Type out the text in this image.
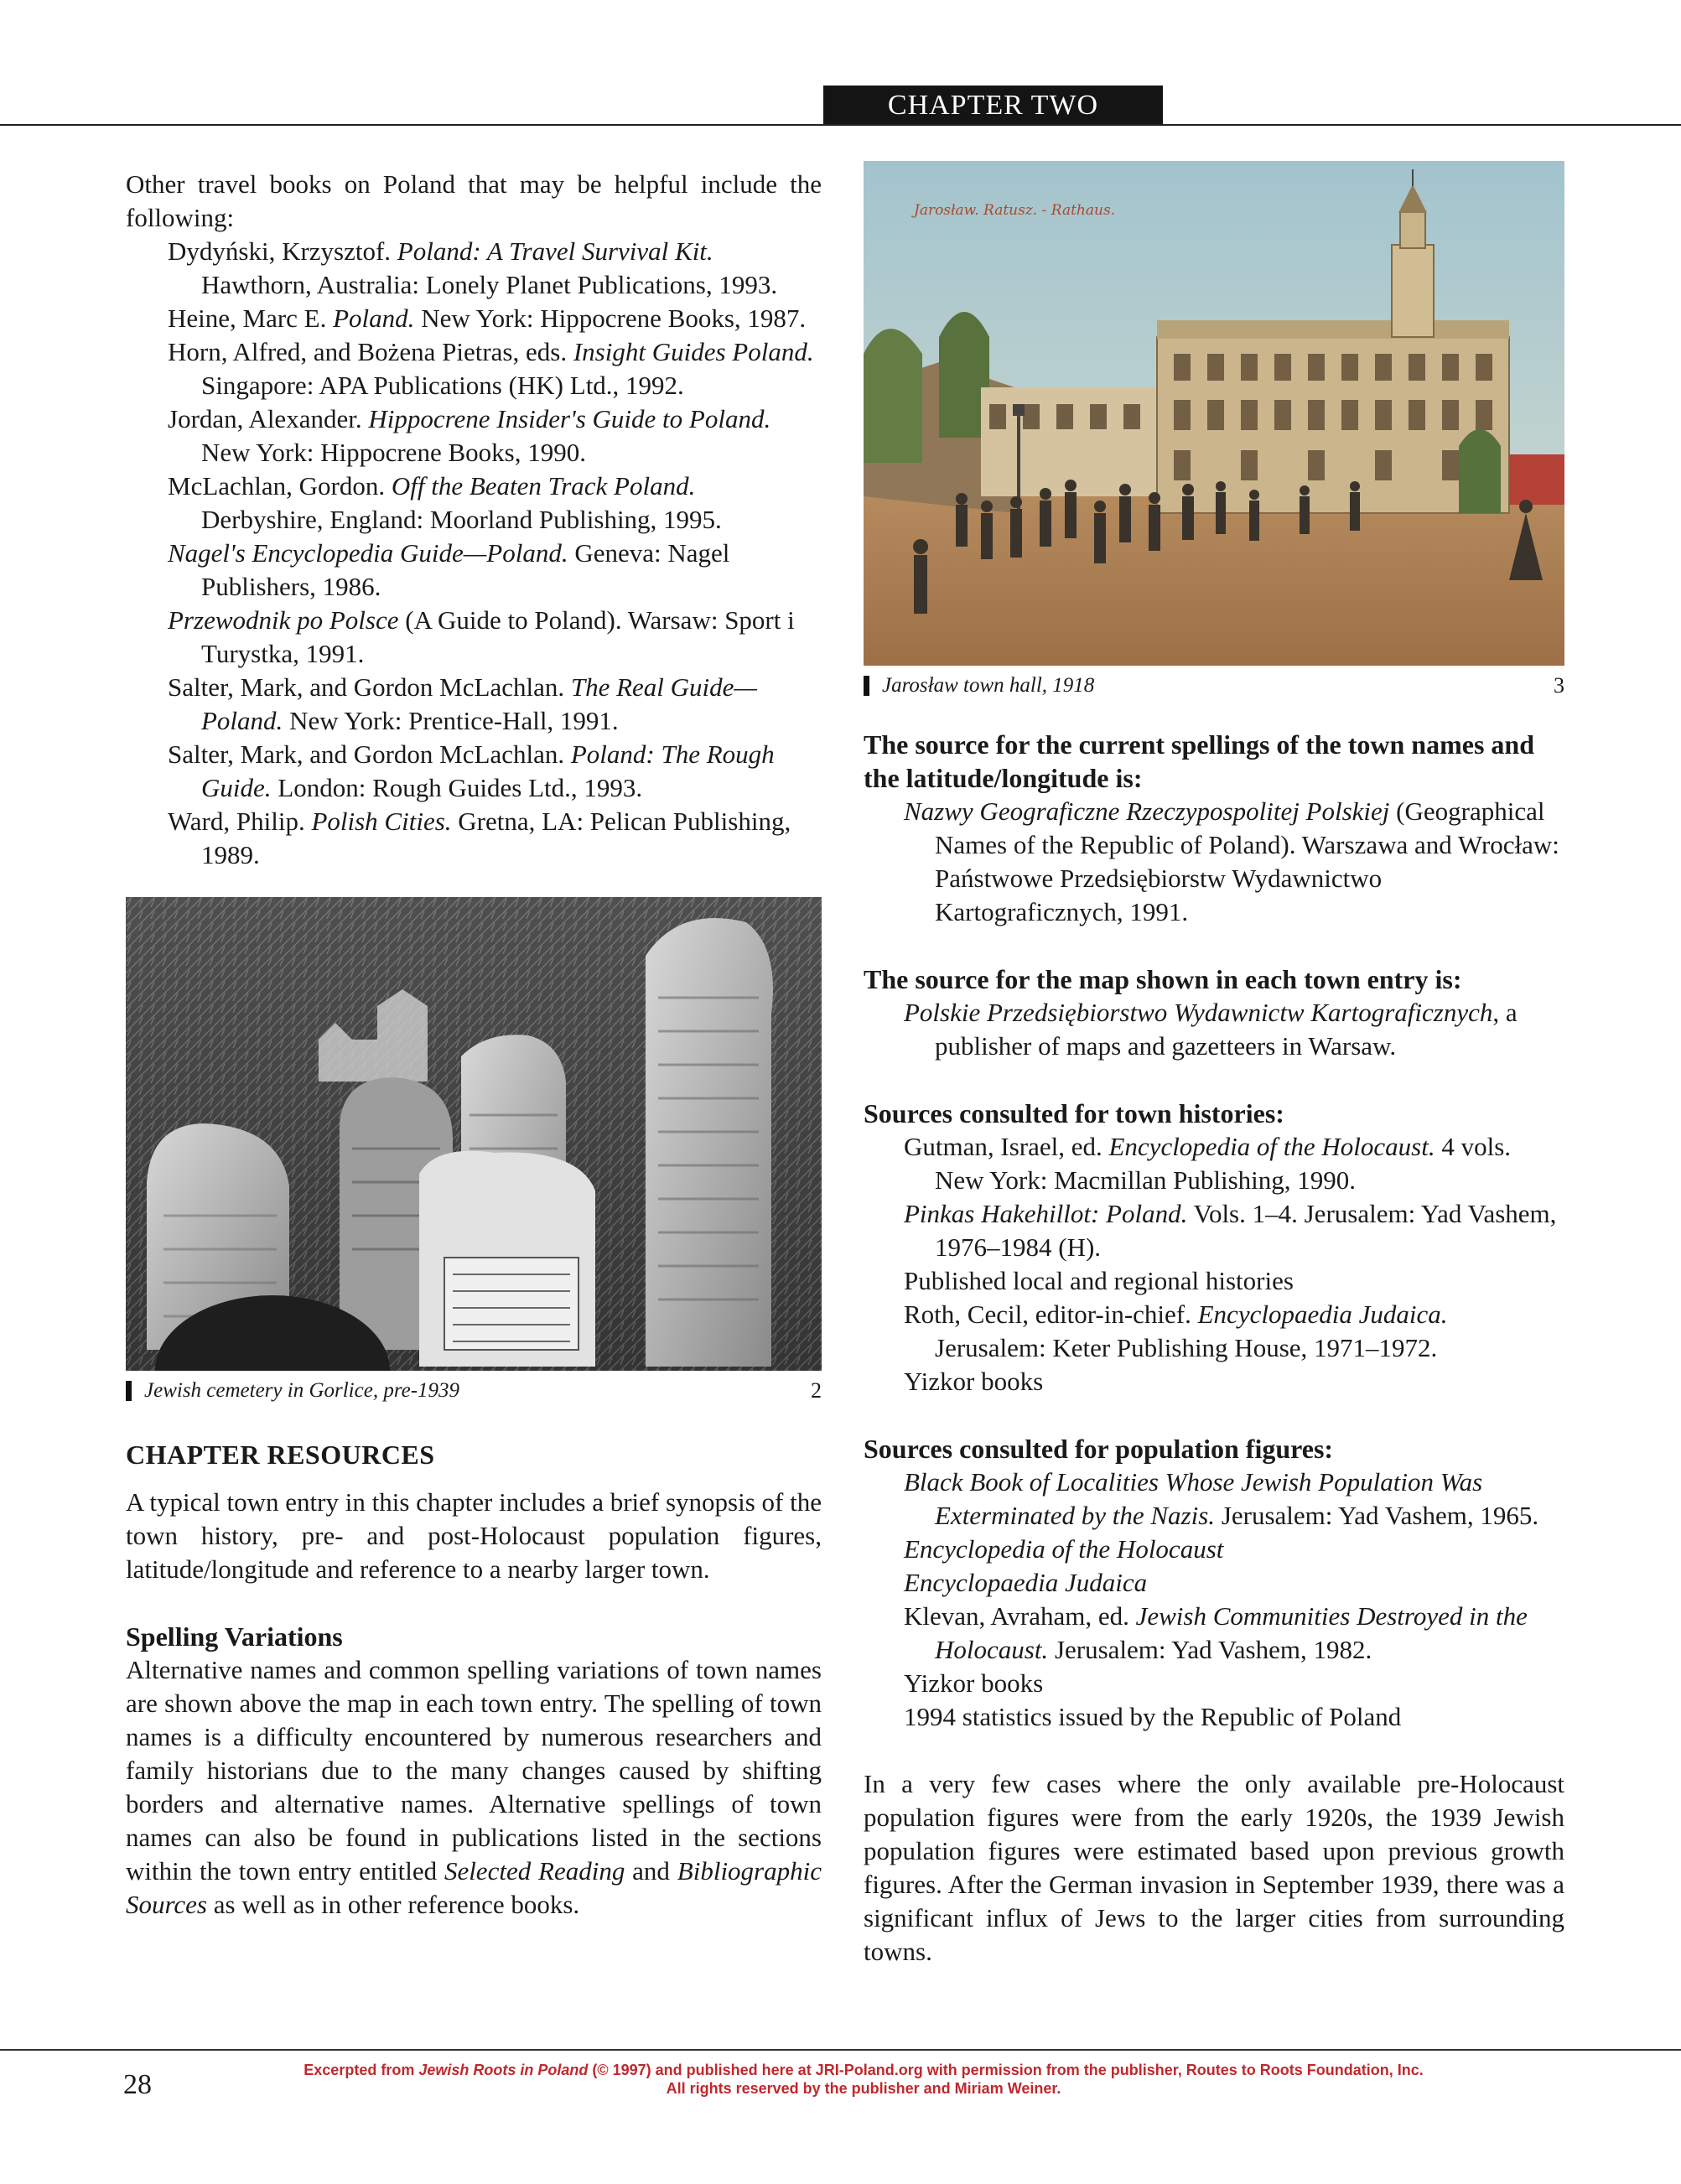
CHAPTER TWO

Other travel books on Poland that may be helpful include the following:

Dydyński, Krzysztof. Poland: A Travel Survival Kit. Hawthorn, Australia: Lonely Planet Publications, 1993.

Heine, Marc E. Poland. New York: Hippocrene Books, 1987.

Horn, Alfred, and Bożena Pietras, eds. Insight Guides Poland. Singapore: APA Publications (HK) Ltd., 1992.

Jordan, Alexander. Hippocrene Insider's Guide to Poland. New York: Hippocrene Books, 1990.

McLachlan, Gordon. Off the Beaten Track Poland. Derbyshire, England: Moorland Publishing, 1995.

Nagel's Encyclopedia Guide—Poland. Geneva: Nagel Publishers, 1986.

Przewodnik po Polsce (A Guide to Poland). Warsaw: Sport i Turystka, 1991.

Salter, Mark, and Gordon McLachlan. The Real Guide—Poland. New York: Prentice-Hall, 1991.

Salter, Mark, and Gordon McLachlan. Poland: The Rough Guide. London: Rough Guides Ltd., 1993.

Ward, Philip. Polish Cities. Gretna, LA: Pelican Publishing, 1989.

Jewish cemetery in Gorlice, pre-1939	2
CHAPTER RESOURCES

A typical town entry in this chapter includes a brief synopsis of the town history, pre- and post-Holocaust population figures, latitude/longitude and reference to a nearby larger town.

Spelling Variations

Alternative names and common spelling variations of town names are shown above the map in each town entry. The spelling of town names is a difficulty encountered by numerous researchers and family historians due to the many changes caused by shifting borders and alternative names. Alternative spellings of town names can also be found in publications listed in the sections within the town entry entitled Selected Reading and Bibliographic Sources as well as in other reference books.

Jarosław. Ratusz. - Rathaus.
Jarosław town hall, 1918	3

The source for the current spellings of the town names and the latitude/longitude is:

Nazwy Geograficzne Rzeczypospolitej Polskiej (Geographical Names of the Republic of Poland). Warszawa and Wrocław: Państwowe Przedsiębiorstw Wydawnictwo Kartograficznych, 1991.

The source for the map shown in each town entry is:

Polskie Przedsiębiorstwo Wydawnictw Kartograficznych, a publisher of maps and gazetteers in Warsaw.

Sources consulted for town histories:

Gutman, Israel, ed. Encyclopedia of the Holocaust. 4 vols. New York: Macmillan Publishing, 1990.

Pinkas Hakehillot: Poland. Vols. 1–4. Jerusalem: Yad Vashem, 1976–1984 (H).

Published local and regional histories

Roth, Cecil, editor-in-chief. Encyclopaedia Judaica. Jerusalem: Keter Publishing House, 1971–1972.

Yizkor books

Sources consulted for population figures:

Black Book of Localities Whose Jewish Population Was Exterminated by the Nazis. Jerusalem: Yad Vashem, 1965.

Encyclopedia of the Holocaust

Encyclopaedia Judaica

Klevan, Avraham, ed. Jewish Communities Destroyed in the Holocaust. Jerusalem: Yad Vashem, 1982.

Yizkor books

1994 statistics issued by the Republic of Poland

In a very few cases where the only available pre-Holocaust population figures were from the early 1920s, the 1939 Jewish population figures were estimated based upon previous growth figures. After the German invasion in September 1939, there was a significant influx of Jews to the larger cities from surrounding towns.

28	Excerpted from Jewish Roots in Poland (© 1997) and published here at JRI-Poland.org with permission from the publisher, Routes to Roots Foundation, Inc.
All rights reserved by the publisher and Miriam Weiner.
